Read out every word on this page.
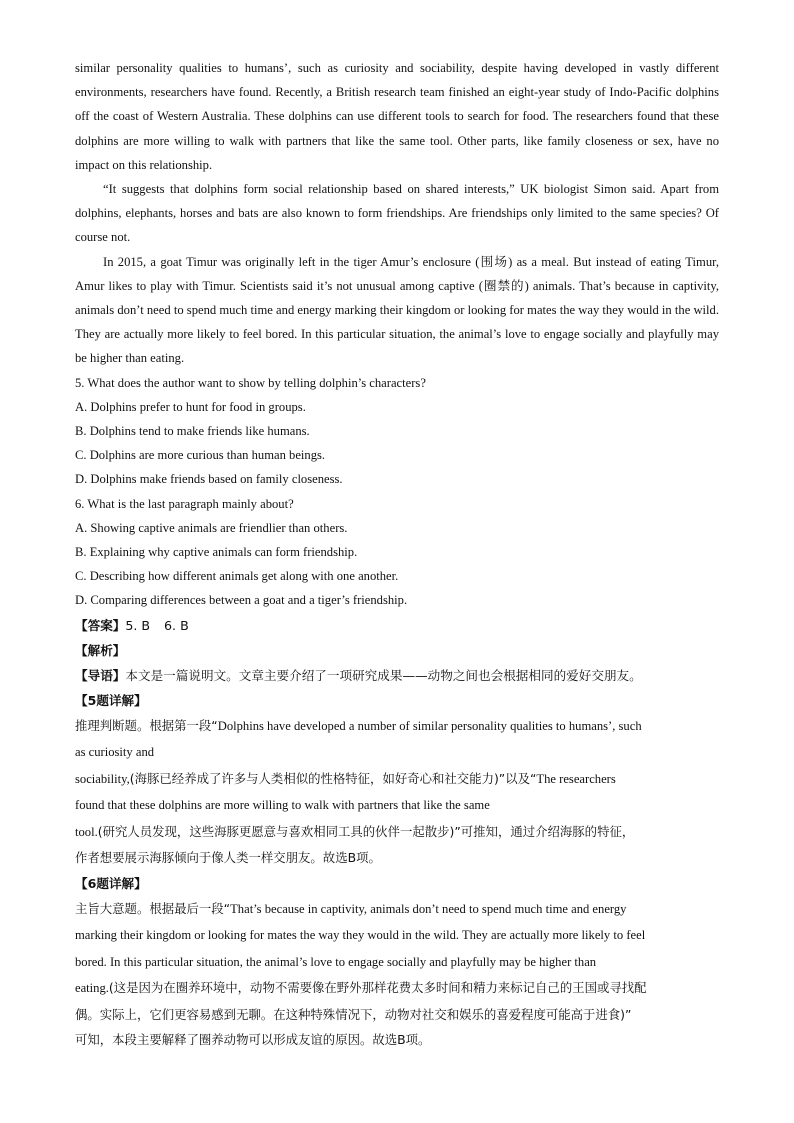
similar personality qualities to humans’, such as curiosity and sociability, despite having developed in vastly different environments, researchers have found. Recently, a British research team finished an eight-year study of Indo-Pacific dolphins off the coast of Western Australia. These dolphins can use different tools to search for food. The researchers found that these dolphins are more willing to walk with partners that like the same tool. Other parts, like family closeness or sex, have no impact on this relationship.

“It suggests that dolphins form social relationship based on shared interests,” UK biologist Simon said. Apart from dolphins, elephants, horses and bats are also known to form friendships. Are friendships only limited to the same species? Of course not.

In 2015, a goat Timur was originally left in the tiger Amur’s enclosure (围场) as a meal. But instead of eating Timur, Amur likes to play with Timur. Scientists said it’s not unusual among captive (圈禁的) animals. That’s because in captivity, animals don’t need to spend much time and energy marking their kingdom or looking for mates the way they would in the wild. They are actually more likely to feel bored. In this particular situation, the animal’s love to engage socially and playfully may be higher than eating.

5. What does the author want to show by telling dolphin’s characters?

A. Dolphins prefer to hunt for food in groups.

B. Dolphins tend to make friends like humans.

C. Dolphins are more curious than human beings.

D. Dolphins make friends based on family closeness.

6. What is the last paragraph mainly about?

A. Showing captive animals are friendlier than others.

B. Explaining why captive animals can form friendship.

C. Describing how different animals get along with one another.

D. Comparing differences between a goat and a tiger’s friendship.

【答案】5. B 6. B

【解析】

【导语】本文是一篇说明文。文章主要介绍了一项研究成果——动物之间也会根据相同的爱好交朋友。

【5题详解】

推理判断题。根据第一段“Dolphins have developed a number of similar personality qualities to humans’, such

as curiosity and

sociability,(海豚已经养成了许多与人类相似的性格特征，如好奇心和社交能力)”以及“The researchers

found that these dolphins are more willing to walk with partners that like the same

tool.(研究人员发现，这些海豚更愿意与喜欢相同工具的伙伴一起散步)”可推知，通过介绍海豚的特征，

作者想要展示海豚倾向于像人类一样交朋友。故选B项。

【6题详解】

主旨大意题。根据最后一段“That’s because in captivity, animals don’t need to spend much time and energy

marking their kingdom or looking for mates the way they would in the wild. They are actually more likely to feel

bored. In this particular situation, the animal’s love to engage socially and playfully may be higher than

eating.(这是因为在圈养环境中，动物不需要像在野外那样花费太多时间和精力来标记自己的王国或寻找配

偶。实际上，它们更容易感到无聊。在这种特殊情况下，动物对社交和娱乐的喜爱程度可能高于进食)”

可知，本段主要解释了圈养动物可以形成友谊的原因。故选B项。
